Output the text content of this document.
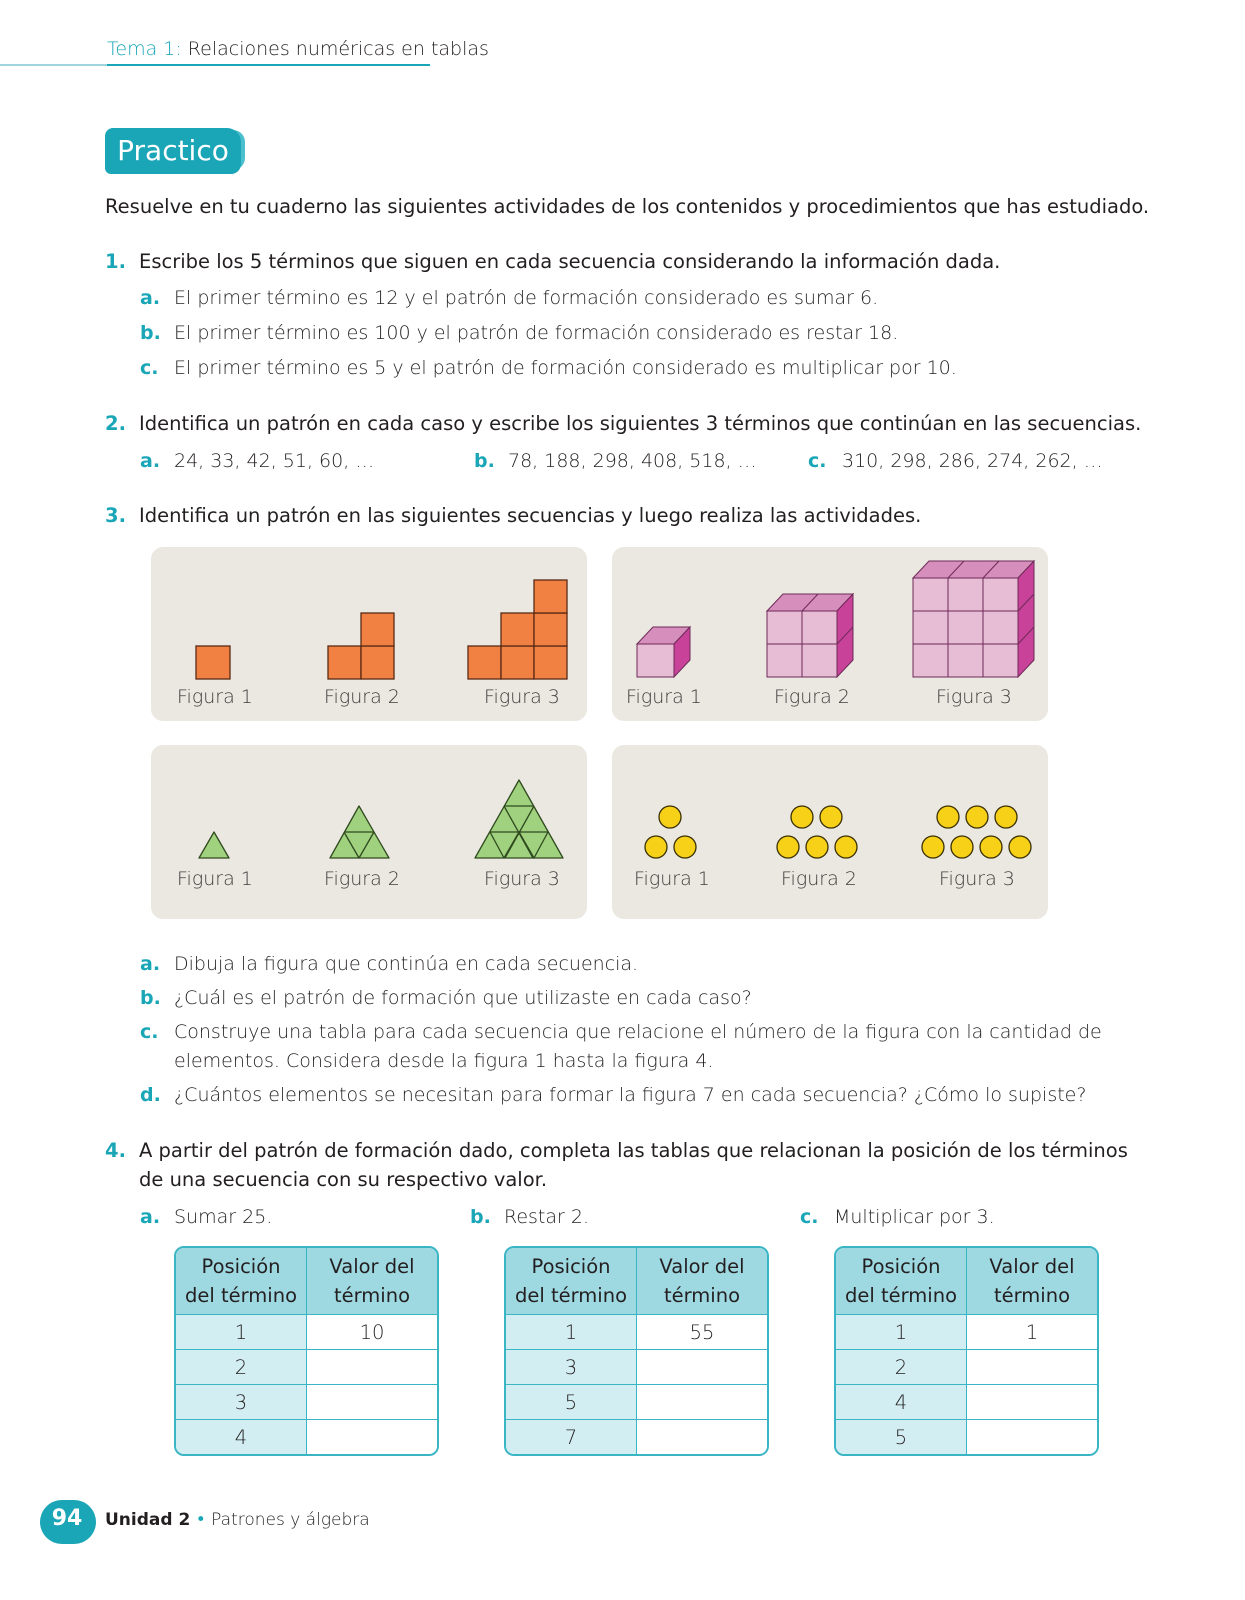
Tema 1: Relaciones numéricas en tablas
Practico
Resuelve en tu cuaderno las siguientes actividades de los contenidos y procedimientos que has estudiado.
1. Escribe los 5 términos que siguen en cada secuencia considerando la información dada.
a. El primer término es 12 y el patrón de formación considerado es sumar 6.
b. El primer término es 100 y el patrón de formación considerado es restar 18.
c. El primer término es 5 y el patrón de formación considerado es multiplicar por 10.
2. Identifica un patrón en cada caso y escribe los siguientes 3 términos que continúan en las secuencias.
a. 24, 33, 42, 51, 60, …	b. 78, 188, 298, 408, 518, …	c. 310, 298, 286, 274, 262, …
3. Identifica un patrón en las siguientes secuencias y luego realiza las actividades.
Figura 1	Figura 2	Figura 3	Figura 1	Figura 2	Figura 3
Figura 1	Figura 2	Figura 3	Figura 1	Figura 2	Figura 3
a. Dibuja la figura que continúa en cada secuencia.
b. ¿Cuál es el patrón de formación que utilizaste en cada caso?
c. Construye una tabla para cada secuencia que relacione el número de la figura con la cantidad de
elementos. Considera desde la figura 1 hasta la figura 4.
d. ¿Cuántos elementos se necesitan para formar la figura 7 en cada secuencia? ¿Cómo lo supiste?
4. A partir del patrón de formación dado, completa las tablas que relacionan la posición de los términos
de una secuencia con su respectivo valor.
a. Sumar 25.	b. Restar 2.	c. Multiplicar por 3.
Posición
del término	Valor del
término
1	10
2	
3	
4	
Posición
del término	Valor del
término
1	55
3	
5	
7	
Posición
del término	Valor del
término
1	1
2	
4	
5	
94	Unidad 2 • Patrones y álgebra
